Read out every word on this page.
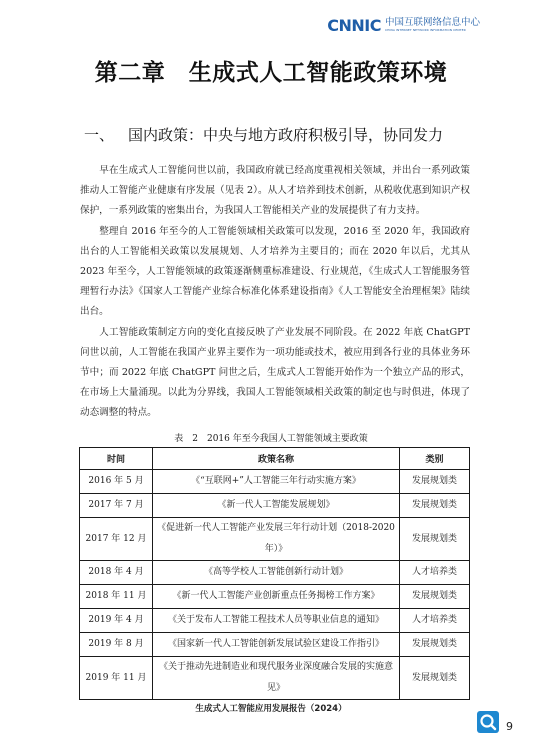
CNNIC 中国互联网络信息中心
CHINA INTERNET NETWORK INFORMATION CENTER
第二章　生成式人工智能政策环境
一、 国内政策：中央与地方政府积极引导，协同发力

早在生成式人工智能问世以前，我国政府就已经高度重视相关领域，并出台一系列政策推动人工智能产业健康有序发展（见表 2）。从人才培养到技术创新，从税收优惠到知识产权保护，一系列政策的密集出台，为我国人工智能相关产业的发展提供了有力支持。

整理自 2016 年至今的人工智能领域相关政策可以发现，2016 至 2020 年，我国政府出台的人工智能相关政策以发展规划、人才培养为主要目的；而在 2020 年以后，尤其从 2023 年至今，人工智能领域的政策逐渐侧重标准建设、行业规范，《生成式人工智能服务管理暂行办法》《国家人工智能产业综合标准化体系建设指南》《人工智能安全治理框架》陆续出台。

人工智能政策制定方向的变化直接反映了产业发展不同阶段。在 2022 年底 ChatGPT 问世以前，人工智能在我国产业界主要作为一项功能或技术，被应用到各行业的具体业务环节中；而 2022 年底 ChatGPT 问世之后，生成式人工智能开始作为一个独立产品的形式，在市场上大量涌现。以此为分界线，我国人工智能领域相关政策的制定也与时俱进，体现了动态调整的特点。

表　2　2016 年至今我国人工智能领域主要政策
时间	政策名称	类别
2016 年 5 月	《“互联网+”人工智能三年行动实施方案》	发展规划类
2017 年 7 月	《新一代人工智能发展规划》	发展规划类
2017 年 12 月	《促进新一代人工智能产业发展三年行动计划（2018-2020 年）》	发展规划类
2018 年 4 月	《高等学校人工智能创新行动计划》	人才培养类
2018 年 11 月	《新一代人工智能产业创新重点任务揭榜工作方案》	发展规划类
2019 年 4 月	《关于发布人工智能工程技术人员等职业信息的通知》	人才培养类
2019 年 8 月	《国家新一代人工智能创新发展试验区建设工作指引》	发展规划类
2019 年 11 月	《关于推动先进制造业和现代服务业深度融合发展的实施意见》	发展规划类
生成式人工智能应用发展报告（2024）
9
